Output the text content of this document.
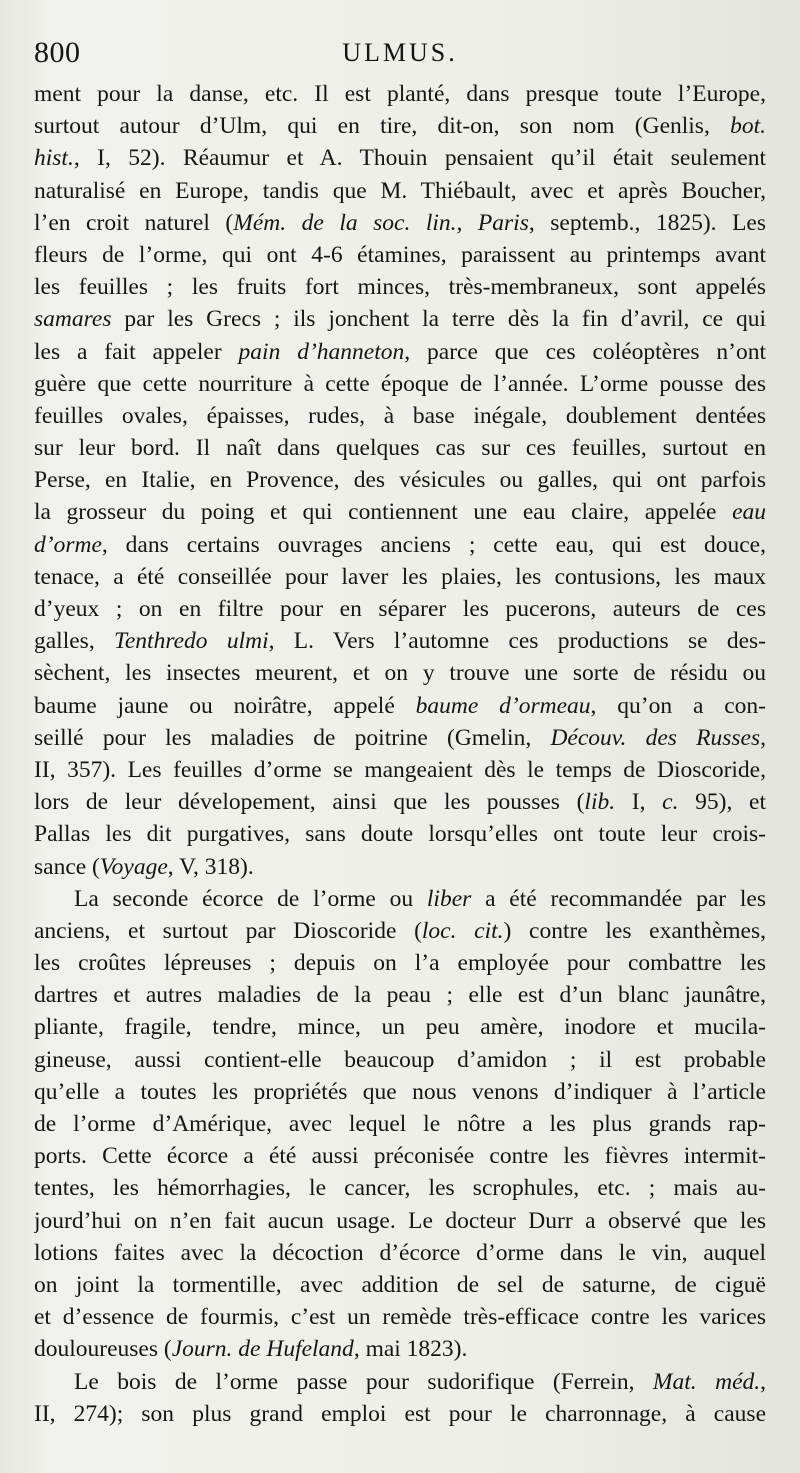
800	ULMUS.
ment pour la danse, etc. Il est planté, dans presque toute l’Europe,
surtout autour d’Ulm, qui en tire, dit-on, son nom (Genlis, bot.
hist., I, 52). Réaumur et A. Thouin pensaient qu’il était seulement
naturalisé en Europe, tandis que M. Thiébault, avec et après Boucher,
l’en croit naturel (Mém. de la soc. lin., Paris, septemb., 1825). Les
fleurs de l’orme, qui ont 4-6 étamines, paraissent au printemps avant
les feuilles ; les fruits fort minces, très-membraneux, sont appelés
samares par les Grecs ; ils jonchent la terre dès la fin d’avril, ce qui
les a fait appeler pain d’hanneton, parce que ces coléoptères n’ont
guère que cette nourriture à cette époque de l’année. L’orme pousse des
feuilles ovales, épaisses, rudes, à base inégale, doublement dentées
sur leur bord. Il naît dans quelques cas sur ces feuilles, surtout en
Perse, en Italie, en Provence, des vésicules ou galles, qui ont parfois
la grosseur du poing et qui contiennent une eau claire, appelée eau
d’orme, dans certains ouvrages anciens ; cette eau, qui est douce,
tenace, a été conseillée pour laver les plaies, les contusions, les maux
d’yeux ; on en filtre pour en séparer les pucerons, auteurs de ces
galles, Tenthredo ulmi, L. Vers l’automne ces productions se des-
sèchent, les insectes meurent, et on y trouve une sorte de résidu ou
baume jaune ou noirâtre, appelé baume d’ormeau, qu’on a con-
seillé pour les maladies de poitrine (Gmelin, Découv. des Russes,
II, 357). Les feuilles d’orme se mangeaient dès le temps de Dioscoride,
lors de leur dévelopement, ainsi que les pousses (lib. I, c. 95), et
Pallas les dit purgatives, sans doute lorsqu’elles ont toute leur crois-
sance (Voyage, V, 318).
La seconde écorce de l’orme ou liber a été recommandée par les
anciens, et surtout par Dioscoride (loc. cit.) contre les exanthèmes,
les croûtes lépreuses ; depuis on l’a employée pour combattre les
dartres et autres maladies de la peau ; elle est d’un blanc jaunâtre,
pliante, fragile, tendre, mince, un peu amère, inodore et mucila-
gineuse, aussi contient-elle beaucoup d’amidon ; il est probable
qu’elle a toutes les propriétés que nous venons d’indiquer à l’article
de l’orme d’Amérique, avec lequel le nôtre a les plus grands rap-
ports. Cette écorce a été aussi préconisée contre les fièvres intermit-
tentes, les hémorrhagies, le cancer, les scrophules, etc. ; mais au-
jourd’hui on n’en fait aucun usage. Le docteur Durr a observé que les
lotions faites avec la décoction d’écorce d’orme dans le vin, auquel
on joint la tormentille, avec addition de sel de saturne, de ciguë
et d’essence de fourmis, c’est un remède très-efficace contre les varices
douloureuses (Journ. de Hufeland, mai 1823).
Le bois de l’orme passe pour sudorifique (Ferrein, Mat. méd.,
II, 274); son plus grand emploi est pour le charronnage, à cause
